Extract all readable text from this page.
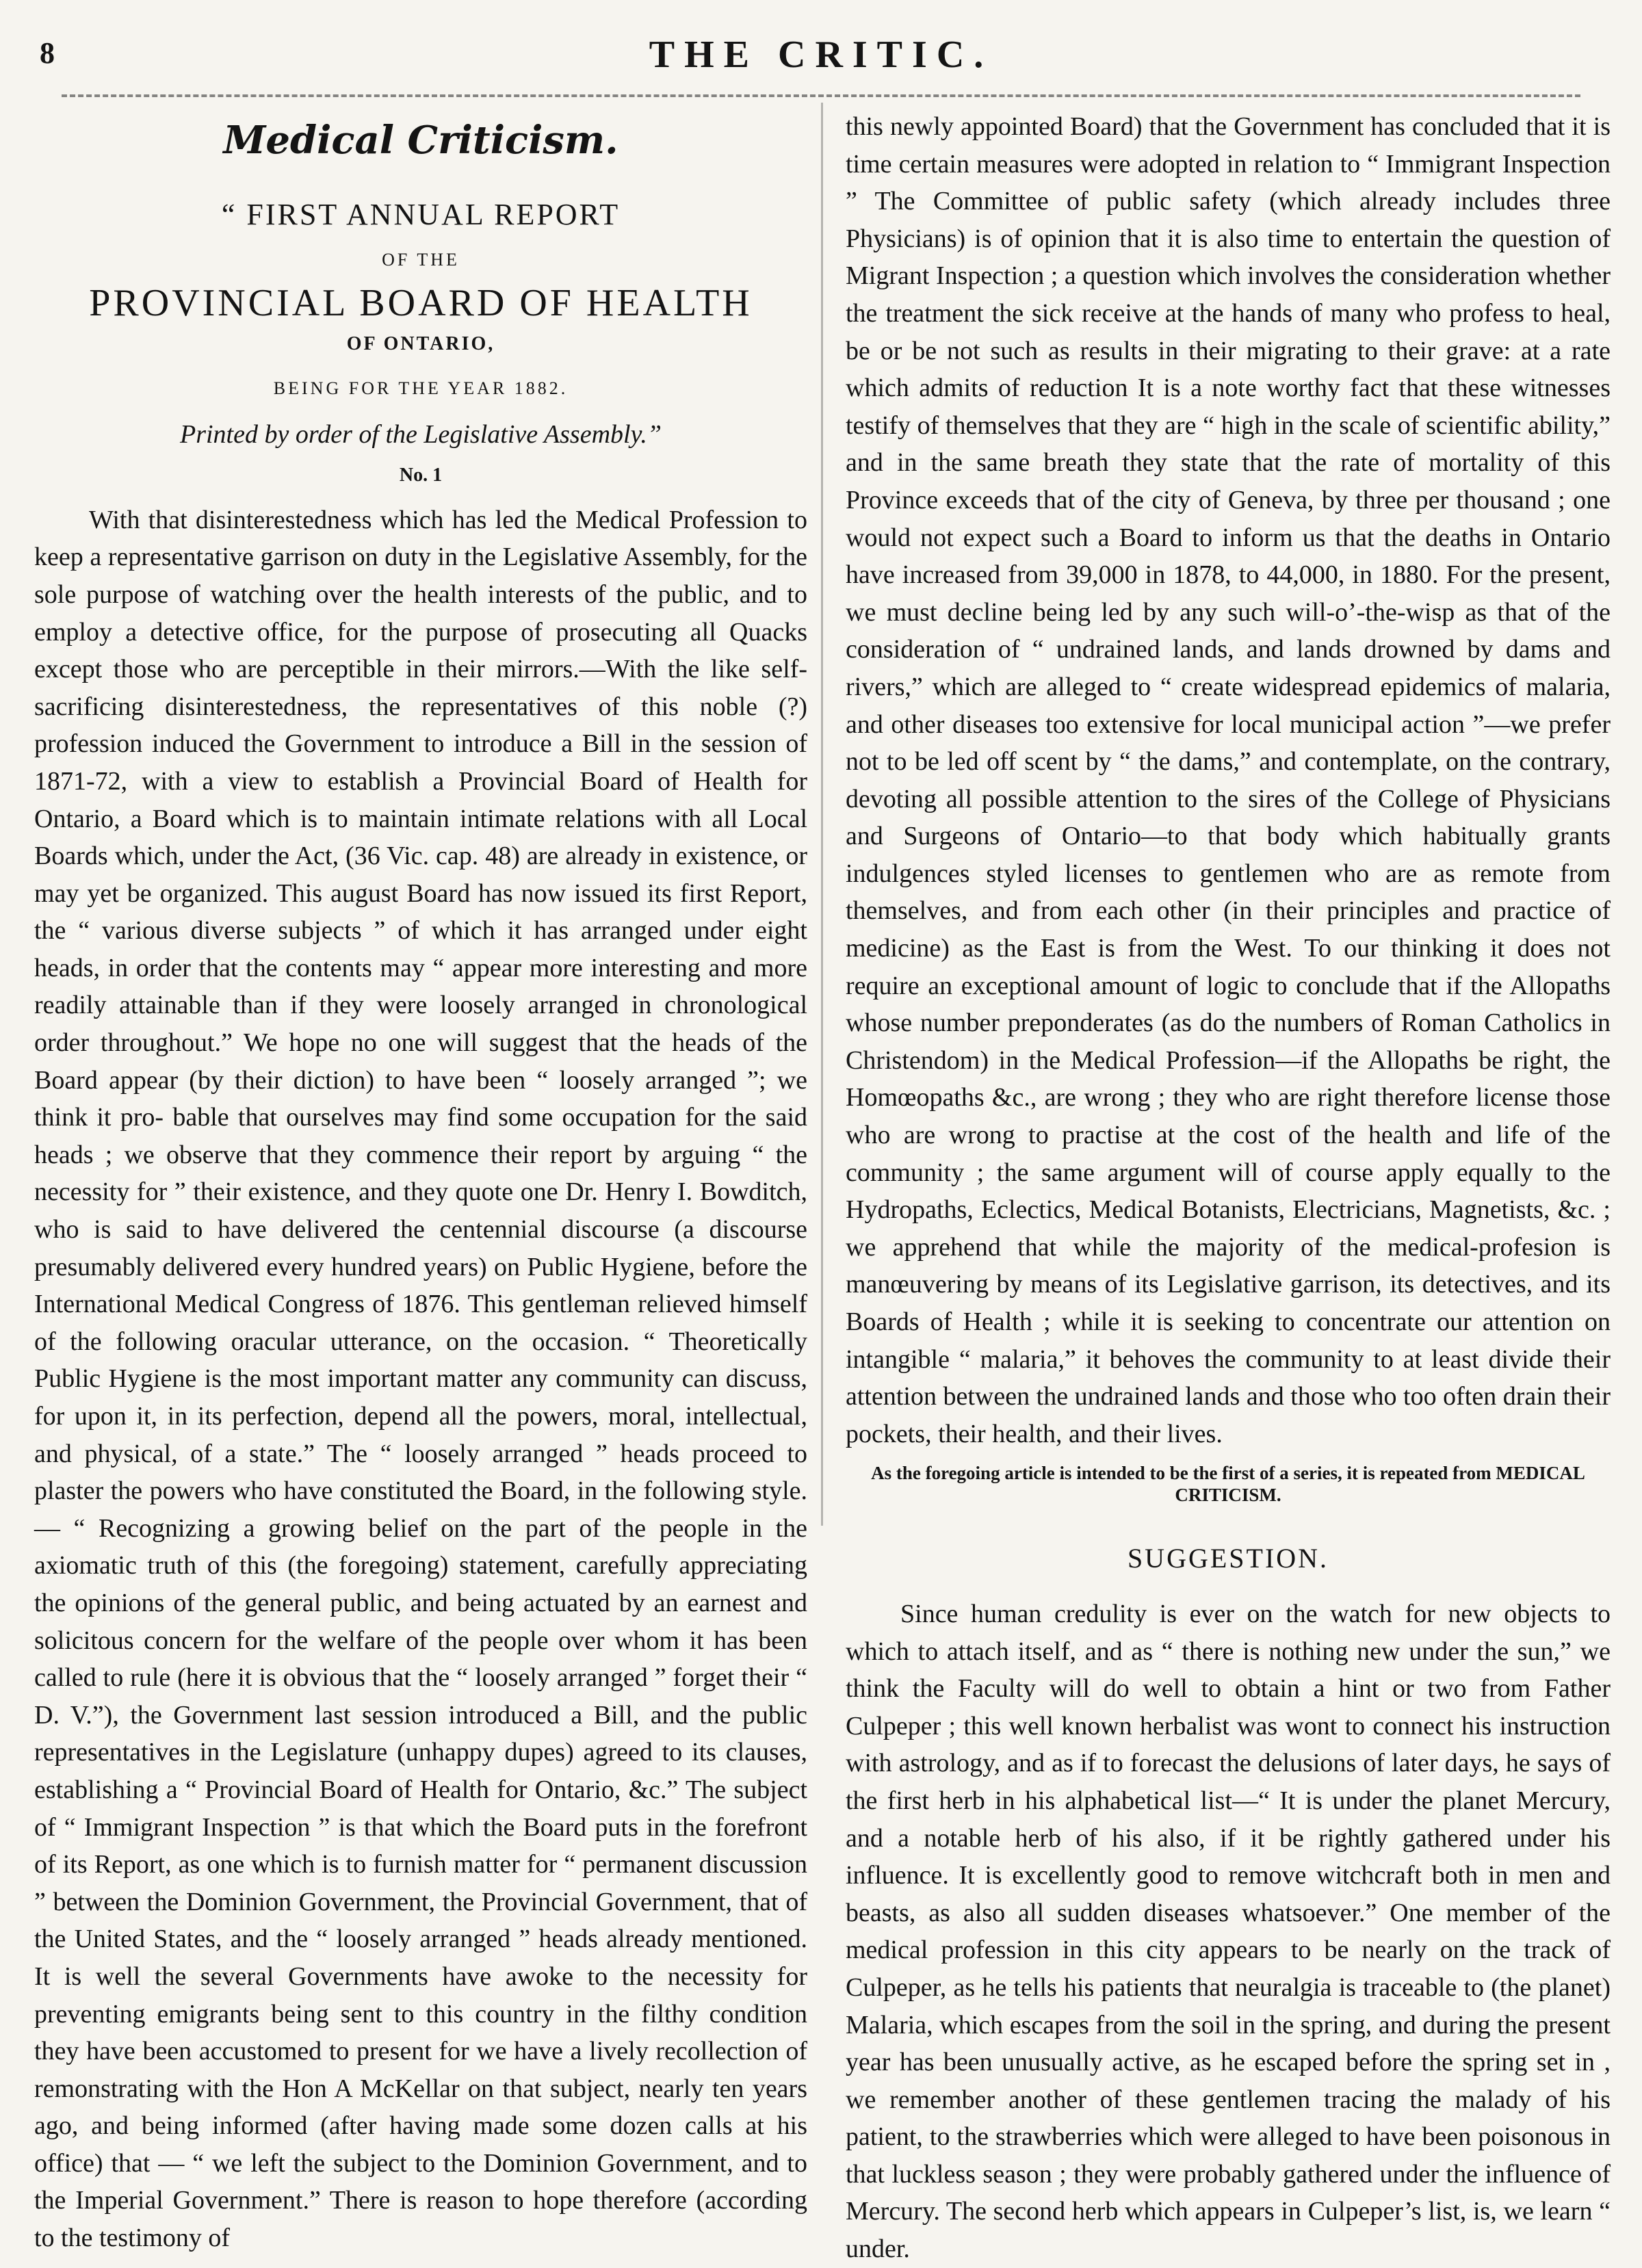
8	THE CRITIC.
Medical Criticism.
“ FIRST ANNUAL REPORT
OF THE
PROVINCIAL BOARD OF HEALTH
OF ONTARIO,
BEING FOR THE YEAR 1882.
Printed by order of the Legislative Assembly.”
No. 1

With that disinterestedness which has led the Medical Profession to keep a representative garrison on duty in the Legislative Assembly, for the sole purpose of watching over the health interests of the public, and to employ a detective office, for the purpose of prosecuting all Quacks except those who are perceptible in their mirrors.—With the like self-sacrificing disinterestedness, the representatives of this noble (?) profession induced the Government to introduce a Bill in the session of 1871-72, with a view to establish a Provincial Board of Health for Ontario, a Board which is to maintain intimate relations with all Local Boards which, under the Act, (36 Vic. cap. 48) are already in existence, or may yet be organized. This august Board has now issued its first Report, the “ various diverse subjects ” of which it has arranged under eight heads, in order that the contents may “ appear more interesting and more readily attainable than if they were loosely arranged in chronological order throughout.” We hope no one will suggest that the heads of the Board appear (by their diction) to have been “ loosely arranged ”; we think it pro- bable that ourselves may find some occupation for the said heads ; we observe that they commence their report by arguing “ the necessity for ” their existence, and they quote one Dr. Henry I. Bowditch, who is said to have delivered the centennial discourse (a discourse presumably delivered every hundred years) on Public Hygiene, before the International Medical Congress of 1876. This gentleman relieved himself of the following oracular utterance, on the occasion. “ Theoretically Public Hygiene is the most important matter any community can discuss, for upon it, in its perfection, depend all the powers, moral, intellectual, and physical, of a state.” The “ loosely arranged ” heads proceed to plaster the powers who have constituted the Board, in the following style.— “ Recognizing a growing belief on the part of the people in the axiomatic truth of this (the foregoing) statement, carefully appreciating the opinions of the general public, and being actuated by an earnest and solicitous concern for the welfare of the people over whom it has been called to rule (here it is obvious that the “ loosely arranged ” forget their “ D. V.”), the Government last session introduced a Bill, and the public representatives in the Legislature (unhappy dupes) agreed to its clauses, establishing a “ Provincial Board of Health for Ontario, &c.” The subject of “ Immigrant Inspection ” is that which the Board puts in the forefront of its Report, as one which is to furnish matter for “ permanent discussion ” between the Dominion Government, the Provincial Government, that of the United States, and the “ loosely arranged ” heads already mentioned. It is well the several Governments have awoke to the necessity for preventing emigrants being sent to this country in the filthy condition they have been accustomed to present for we have a lively recollection of remonstrating with the Hon A McKellar on that subject, nearly ten years ago, and being informed (after having made some dozen calls at his office) that — “ we left the subject to the Dominion Government, and to the Imperial Government.” There is reason to hope therefore (according to the testimony of

this newly appointed Board) that the Government has concluded that it is time certain measures were adopted in relation to “ Immigrant Inspection ” The Committee of public safety (which already includes three Physicians) is of opinion that it is also time to entertain the question of Migrant Inspection ; a question which involves the consideration whether the treatment the sick receive at the hands of many who profess to heal, be or be not such as results in their migrating to their grave: at a rate which admits of reduction It is a note worthy fact that these witnesses testify of themselves that they are “ high in the scale of scientific ability,” and in the same breath they state that the rate of mortality of this Province exceeds that of the city of Geneva, by three per thousand ; one would not expect such a Board to inform us that the deaths in Ontario have increased from 39,000 in 1878, to 44,000, in 1880. For the present, we must decline being led by any such will-o’-the-wisp as that of the consideration of “ undrained lands, and lands drowned by dams and rivers,” which are alleged to “ create widespread epidemics of malaria, and other diseases too extensive for local municipal action ”—we prefer not to be led off scent by “ the dams,” and contemplate, on the contrary, devoting all possible attention to the sires of the College of Physicians and Surgeons of Ontario—to that body which habitually grants indulgences styled licenses to gentlemen who are as remote from themselves, and from each other (in their principles and practice of medicine) as the East is from the West. To our thinking it does not require an exceptional amount of logic to conclude that if the Allopaths whose number preponderates (as do the numbers of Roman Catholics in Christendom) in the Medical Profession—if the Allopaths be right, the Homœopaths &c., are wrong ; they who are right therefore license those who are wrong to practise at the cost of the health and life of the community ; the same argument will of course apply equally to the Hydropaths, Eclectics, Medical Botanists, Electricians, Magnetists, &c. ; we apprehend that while the majority of the medical-profesion is manœuvering by means of its Legislative garrison, its detectives, and its Boards of Health ; while it is seeking to concentrate our attention on intangible “ malaria,” it behoves the community to at least divide their attention between the undrained lands and those who too often drain their pockets, their health, and their lives.

As the foregoing article is intended to be the first of a series, it is repeated from MEDICAL CRITICISM.
SUGGESTION.

Since human credulity is ever on the watch for new objects to which to attach itself, and as “ there is nothing new under the sun,” we think the Faculty will do well to obtain a hint or two from Father Culpeper ; this well known herbalist was wont to connect his instruction with astrology, and as if to forecast the delusions of later days, he says of the first herb in his alphabetical list—“ It is under the planet Mercury, and a notable herb of his also, if it be rightly gathered under his influence. It is excellently good to remove witchcraft both in men and beasts, as also all sudden diseases whatsoever.” One member of the medical profession in this city appears to be nearly on the track of Culpeper, as he tells his patients that neuralgia is traceable to (the planet) Malaria, which escapes from the soil in the spring, and during the present year has been unusually active, as he escaped before the spring set in , we remember another of these gentlemen tracing the malady of his patient, to the strawberries which were alleged to have been poisonous in that luckless season ; they were probably gathered under the influence of Mercury. The second herb which appears in Culpeper’s list, is, we learn “ under.
